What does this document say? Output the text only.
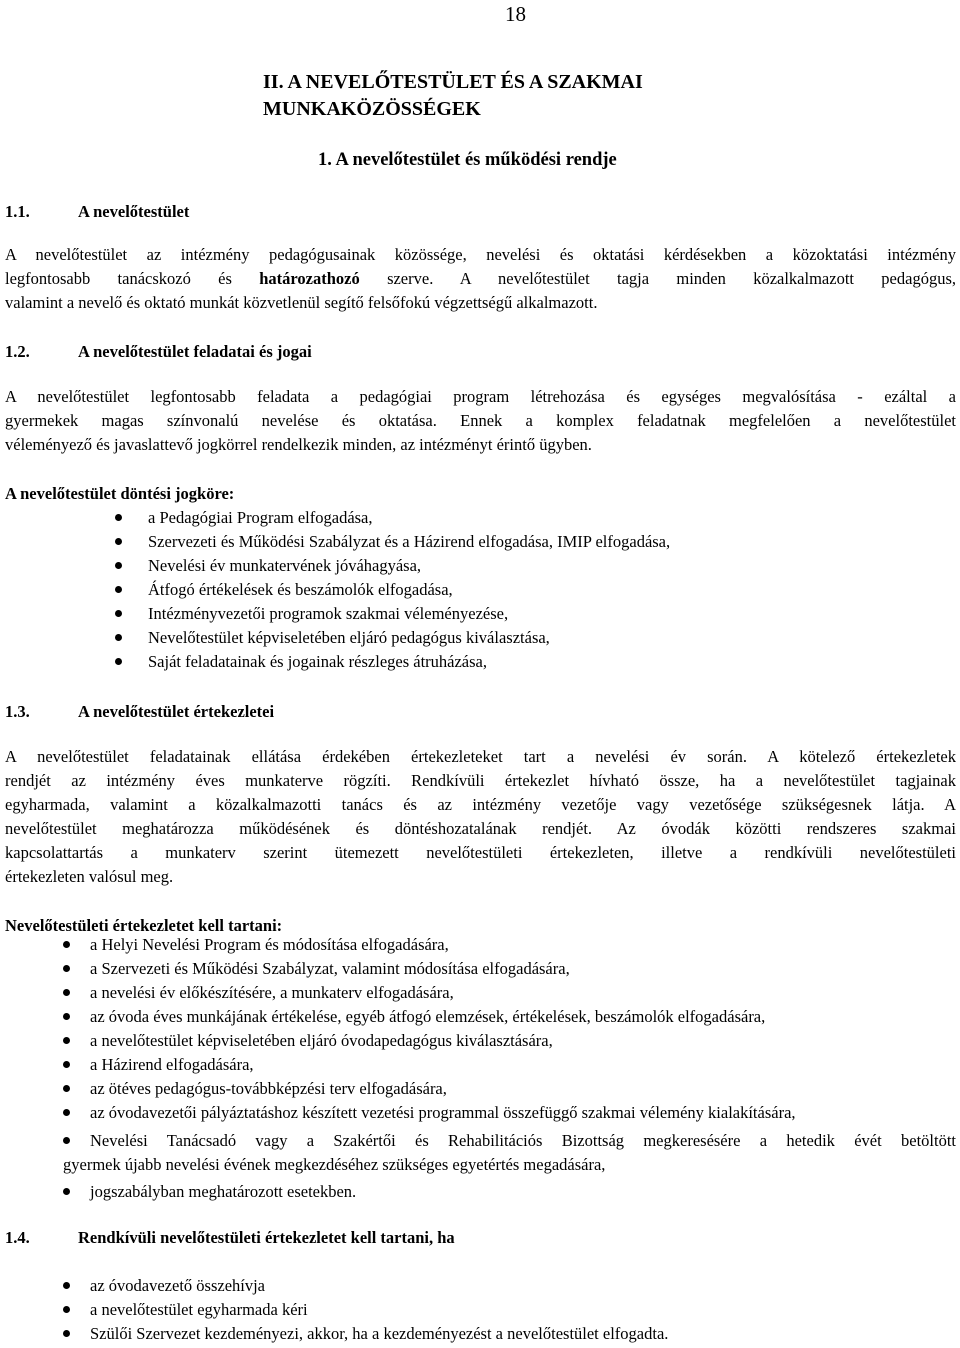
18
II. A NEVELŐTESTÜLET ÉS A SZAKMAI
MUNKAKÖZÖSSÉGEK
1. A nevelőtestület és működési rendje
1.1.	A nevelőtestület
A nevelőtestület az intézmény pedagógusainak közössége, nevelési és oktatási kérdésekben a közoktatási intézmény
legfontosabb tanácskozó és határozathozó szerve. A nevelőtestület tagja minden közalkalmazott pedagógus,
valamint a nevelő és oktató munkát közvetlenül segítő felsőfokú végzettségű alkalmazott.
1.2.	A nevelőtestület feladatai és jogai
A nevelőtestület legfontosabb feladata a pedagógiai program létrehozása és egységes megvalósítása - ezáltal a
gyermekek magas színvonalú nevelése és oktatása. Ennek a komplex feladatnak megfelelően a nevelőtestület
véleményező és javaslattevő jogkörrel rendelkezik minden, az intézményt érintő ügyben.
A nevelőtestület döntési jogköre:
a Pedagógiai Program elfogadása,
Szervezeti és Működési Szabályzat és a Házirend elfogadása, IMIP elfogadása,
Nevelési év munkatervének jóváhagyása,
Átfogó értékelések és beszámolók elfogadása,
Intézményvezetői programok szakmai véleményezése,
Nevelőtestület képviseletében eljáró pedagógus kiválasztása,
Saját feladatainak és jogainak részleges átruházása,
1.3.	A nevelőtestület értekezletei
A nevelőtestület feladatainak ellátása érdekében értekezleteket tart a nevelési év során. A kötelező értekezletek
rendjét az intézmény éves munkaterve rögzíti. Rendkívüli értekezlet hívható össze, ha a nevelőtestület tagjainak
egyharmada, valamint a közalkalmazotti tanács és az intézmény vezetője vagy vezetősége szükségesnek látja. A
nevelőtestület meghatározza működésének és döntéshozatalának rendjét. Az óvodák közötti rendszeres szakmai
kapcsolattartás a munkaterv szerint ütemezett nevelőtestületi értekezleten, illetve a rendkívüli nevelőtestületi
értekezleten valósul meg.
Nevelőtestületi értekezletet kell tartani:
a Helyi Nevelési Program és módosítása elfogadására,
a Szervezeti és Működési Szabályzat, valamint módosítása elfogadására,
a nevelési év előkészítésére, a munkaterv elfogadására,
az óvoda éves munkájának értékelése, egyéb átfogó elemzések, értékelések, beszámolók elfogadására,
a nevelőtestület képviseletében eljáró óvodapedagógus kiválasztására,
a Házirend elfogadására,
az ötéves pedagógus-továbbképzési terv elfogadására,
az óvodavezetői pályáztatáshoz készített vezetési programmal összefüggő szakmai vélemény kialakítására,
Nevelési Tanácsadó vagy a Szakértői és Rehabilitációs Bizottság megkeresésére a hetedik évét betöltött
gyermek újabb nevelési évének megkezdéséhez szükséges egyetértés megadására,
jogszabályban meghatározott esetekben.
1.4.	Rendkívüli nevelőtestületi értekezletet kell tartani, ha
az óvodavezető összehívja
a nevelőtestület egyharmada kéri
Szülői Szervezet kezdeményezi, akkor, ha a kezdeményezést a nevelőtestület elfogadta.
